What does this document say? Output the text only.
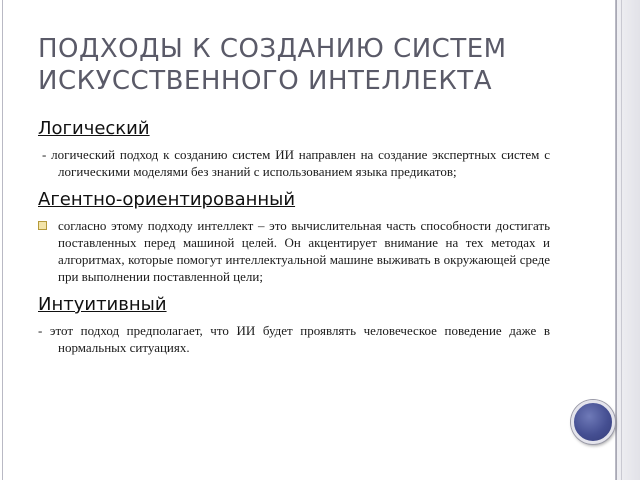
ПОДХОДЫ К СОЗДАНИЮ СИСТЕМ
ИСКУССТВЕННОГО ИНТЕЛЛЕКТА
Логический
- логический подход к созданию систем ИИ направлен на создание экспертных систем с логическими моделями без знаний с использованием языка предикатов;
Агентно-ориентированный
согласно этому подходу интеллект – это вычислительная часть способности достигать поставленных перед машиной целей. Он акцентирует внимание на тех методах и алгоритмах, которые помогут интеллектуальной машине выживать в окружающей среде при выполнении поставленной цели;
Интуитивный
- этот подход предполагает, что ИИ будет проявлять человеческое поведение даже в нормальных ситуациях.
